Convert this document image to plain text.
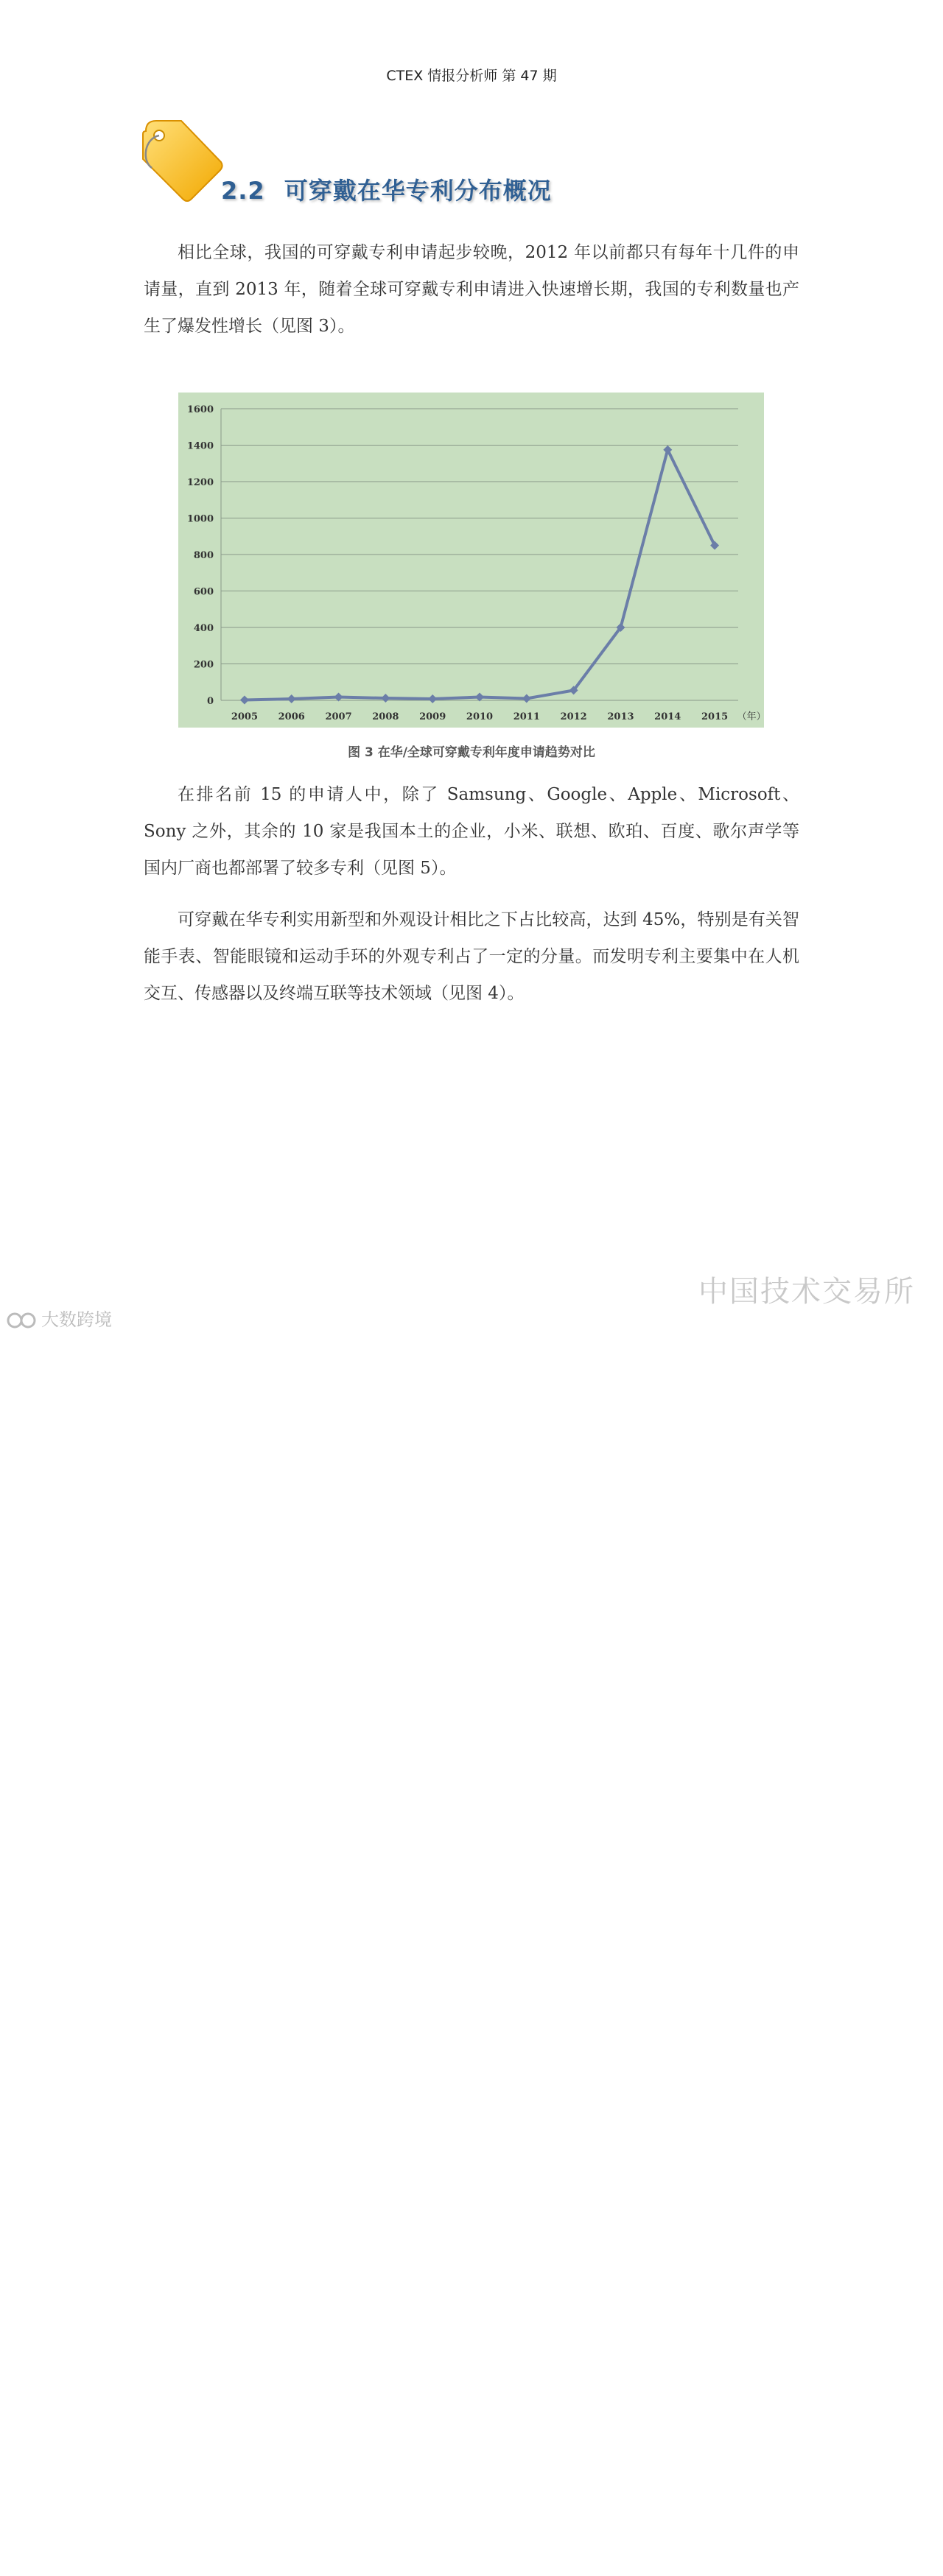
CTEX 情报分析师 第 47 期
2.2 可穿戴在华专利分布概况

相比全球，我国的可穿戴专利申请起步较晚，2012 年以前都只有每年十几件的申请量，直到 2013 年，随着全球可穿戴专利申请进入快速增长期，我国的专利数量也产生了爆发性增长（见图 3）。

0
200
400
600
800
1000
1200
1400
1600
2005 2006 2007 2008 2009 2010 2011 2012 2013 2014 2015 （年）
图 3 在华/全球可穿戴专利年度申请趋势对比

在排名前 15 的申请人中，除了 Samsung、Google、Apple、Microsoft、Sony 之外，其余的 10 家是我国本土的企业，小米、联想、欧珀、百度、歌尔声学等国内厂商也都部署了较多专利（见图 5）。

可穿戴在华专利实用新型和外观设计相比之下占比较高，达到 45%，特别是有关智能手表、智能眼镜和运动手环的外观专利占了一定的分量。而发明专利主要集中在人机交互、传感器以及终端互联等技术领域（见图 4）。

中国技术交易所
大数跨境
